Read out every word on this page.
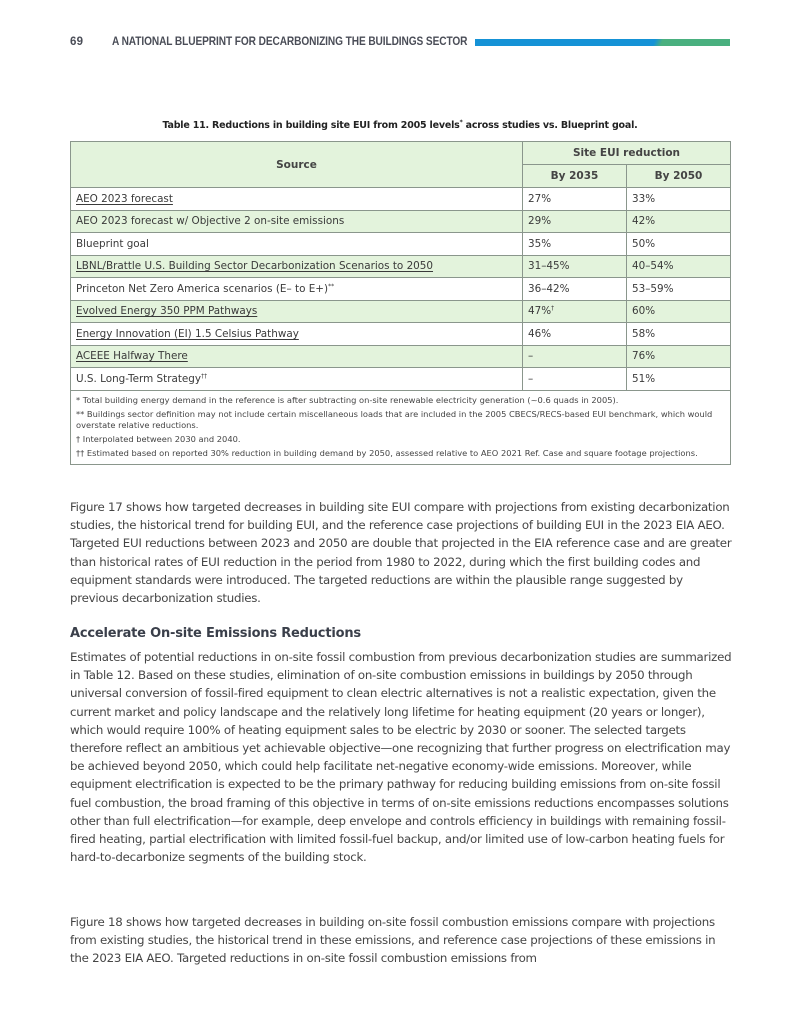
69	A NATIONAL BLUEPRINT FOR DECARBONIZING THE BUILDINGS SECTOR
Table 11. Reductions in building site EUI from 2005 levels* across studies vs. Blueprint goal.
Source	Site EUI reduction	
	By 2035	By 2050
AEO 2023 forecast	27%	33%
AEO 2023 forecast w/ Objective 2 on-site emissions	29%	42%
Blueprint goal	35%	50%
LBNL/Brattle U.S. Building Sector Decarbonization Scenarios to 2050	31–45%	40–54%
Princeton Net Zero America scenarios (E– to E+)**	36–42%	53–59%
Evolved Energy 350 PPM Pathways	47%†	60%
Energy Innovation (EI) 1.5 Celsius Pathway	46%	58%
ACEEE Halfway There	–	76%
U.S. Long-Term Strategy††	–	51%

* Total building energy demand in the reference is after subtracting on-site renewable electricity generation (~0.6 quads in 2005).

** Buildings sector definition may not include certain miscellaneous loads that are included in the 2005 CBECS/RECS-based EUI benchmark, which would overstate relative reductions.

† Interpolated between 2030 and 2040.

†† Estimated based on reported 30% reduction in building demand by 2050, assessed relative to AEO 2021 Ref. Case and square footage projections.		

Figure 17 shows how targeted decreases in building site EUI compare with projections from existing decarbonization studies, the historical trend for building EUI, and the reference case projections of building EUI in the 2023 EIA AEO. Targeted EUI reductions between 2023 and 2050 are double that projected in the EIA reference case and are greater than historical rates of EUI reduction in the period from 1980 to 2022, during which the first building codes and equipment standards were introduced. The targeted reductions are within the plausible range suggested by previous decarbonization studies.

Accelerate On-site Emissions Reductions

Estimates of potential reductions in on-site fossil combustion from previous decarbonization studies are summarized in Table 12. Based on these studies, elimination of on-site combustion emissions in buildings by 2050 through universal conversion of fossil-fired equipment to clean electric alternatives is not a realistic expectation, given the current market and policy landscape and the relatively long lifetime for heating equipment (20 years or longer), which would require 100% of heating equipment sales to be electric by 2030 or sooner. The selected targets therefore reflect an ambitious yet achievable objective—one recognizing that further progress on electrification may be achieved beyond 2050, which could help facilitate net-negative economy-wide emissions. Moreover, while equipment electrification is expected to be the primary pathway for reducing building emissions from on-site fossil fuel combustion, the broad framing of this objective in terms of on-site emissions reductions encompasses solutions other than full electrification—for example, deep envelope and controls efficiency in buildings with remaining fossil-fired heating, partial electrification with limited fossil-fuel backup, and/or limited use of low-carbon heating fuels for hard-to-decarbonize segments of the building stock.

Figure 18 shows how targeted decreases in building on-site fossil combustion emissions compare with projections from existing studies, the historical trend in these emissions, and reference case projections of these emissions in the 2023 EIA AEO. Targeted reductions in on-site fossil combustion emissions from
